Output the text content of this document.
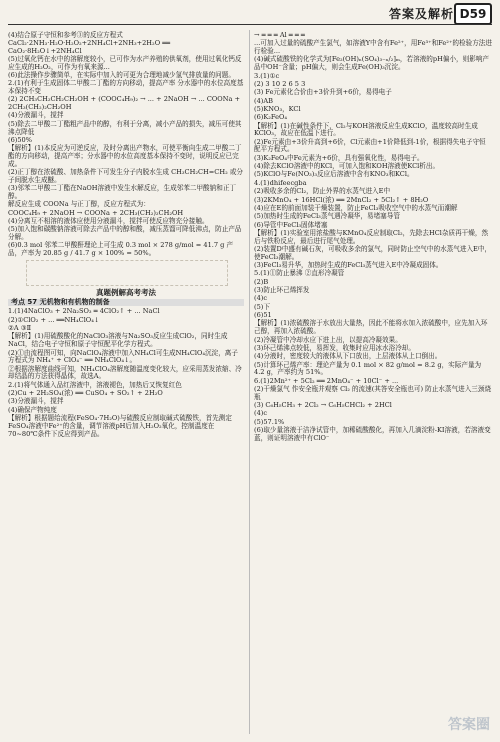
答案及解析 D59

(4)结合原子守恒和参考③的反应方程式 CaCl₂·2NH₃·H₂O·H₂O₂+2NH₄Cl+2NH₃+2H₂O ══ CaO₂·8H₂O↓+2NH₄Cl

(5)过氧化钙在水中的溶解度较小，已可作为水产养殖的供氧剂，使用过氧化钙反应生成的H₂O₂，可作为有氧来源...

(6)此法操作步骤简单，在实际中加入的可更为合理地减少氢气排放量的问题。

2.(1)有利于生成固体二甲酸二丁酯的方向移动，提高产率 分水器中的水位高度基本保持不变

(2) 2CH₃CH₂CH₂CH₂OH + (COOC₄H₉)₂ → ... + 2NaOH → ... COONa + 2CH₃(CH₂)₂CH₂OH

(4)分液漏斗，搅拌

(5)除去二甲酸二丁酯粗产品中的醇，有利于分离，减小产品的损失，减压可使其沸点降低

(6)50%

【解析】(1)本反应为可逆反应，及时分离出产物水，可使平衡向生成二甲酸二丁酯的方向移动，提高产率；分水器中的水位高度基本保持不变时，说明反应已完成。

(2)正丁醇在浓硫酸、加热条件下可发生分子内脱水生成 CH₃CH₂CH=CH₂ 或分子间脱水生成醚。

(3)邻苯二甲酸二丁酯在NaOH溶液中发生水解反应，生成邻苯二甲酸钠和正丁醇。

解反应生成 COONa 与正丁醇，反应方程式为：

COOC₄H₉ + 2NaOH → COONa + 2CH₃(CH₂)₂CH₂OH

(4)分离互不相溶的液体应使用分液漏斗，搅拌可使反应物充分接触。

(5)加入饱和碳酸钠溶液可除去产品中的醇和酸，减压蒸馏可降低沸点，防止产品分解。

(6)0.3 mol 邻苯二甲酸酐理论上可生成 0.3 mol × 278 g/mol = 41.7 g 产品，产率为 20.85 g / 41.7 g × 100% = 50%。

真题例解高考考法

考点 57 无机物和有机物的制备

1.(1)4NaClO₃ + 2Na₂SO₃ ═ 4ClO₂↑ + ... NaCl

(2)①ClO₂ + ... ══NH₄ClO₄↓

②A ③Ⅱ

【解析】(1)用硫酸酸化的NaClO₃溶液与Na₂SO₃反应生成ClO₂，同时生成NaCl，结合电子守恒和原子守恒配平化学方程式。

(2)①由流程图可知，向NaClO₄溶液中加入NH₄Cl可生成NH₄ClO₄沉淀，离子方程式为 NH₄⁺ + ClO₄⁻ ══ NH₄ClO₄↓。

②根据溶解度曲线可知，NH₄ClO₄溶解度随温度变化较大，应采用蒸发浓缩、冷却结晶的方法获得晶体，故选A。

2.(1)将气体通入品红溶液中，溶液褪色，加热后又恢复红色

(2)Cu + 2H₂SO₄(浓) ══ CuSO₄ + SO₂↑ + 2H₂O

(3)分液漏斗，搅拌

(4)确保产物纯度

【解析】根据题给流程(FeSO₄·7H₂O)与硫酸反应制取碱式硫酸铁，首先测定FeSO₄溶液中Fe²⁺的含量，调节溶液pH后加入H₂O₂氧化，控制温度在70~80℃条件下反应得到产品。

→ ═ ═ ═ Al ═ ═ ═

...可加入过量的硫酸产生氯气，如溶液Y中含有Fe²⁺，用Fe³⁺和Fe²⁺的检验方法进行检验...

(4)碱式硫酸铁的化学式为[Fe₂(OH)ₙ(SO₄)₃₋ₙ/₂]ₘ，若溶液的pH偏小，则影响产品中OH⁻含量；pH偏大，则会生成Fe(OH)₃沉淀。

3.(1)①c

(2) 3 10 2 6 5 3

(3) Fe元素化合价由+3价升到+6价，易得电子

(4)AB

(5)KNO₃，KCl

(6)K₂FeO₄

【解析】(1)在碱性条件下，Cl₂与KOH溶液反应生成KClO，温度较高时生成KClO₃，故应在低温下进行。

(2)Fe元素由+3价升高到+6价，Cl元素由+1价降低到-1价，根据得失电子守恒配平方程式。

(3)K₂FeO₄中Fe元素为+6价，具有强氧化性，易得电子。

(4)除去KClO溶液中的KCl，可加入饱和KOH溶液使KCl析出。

(5)KClO与Fe(NO₃)₃反应后溶液中含有KNO₃和KCl。

4.(1)dhifeecgba

(2)吸收多余的Cl₂，防止外界的水蒸气进入E中

(3)2KMnO₄ + 16HCl(浓) ══ 2MnCl₂ + 5Cl₂↑ + 8H₂O

(4)应在E的前面加装干燥装置，防止FeCl₃吸收空气中的水蒸气而潮解

(5)加热时生成的FeCl₃蒸气遇冷凝华，易堵塞导管

(6)导管中FeCl₃固体堵塞

【解析】(1)实验室用浓盐酸与KMnO₄反应制取Cl₂，先除去HCl杂质再干燥，然后与铁粉反应，最后进行尾气处理。

(2)装置D中盛有碱石灰，可吸收多余的氯气，同时防止空气中的水蒸气进入E中，使FeCl₃潮解。

(3)FeCl₃易升华，加热时生成的FeCl₃蒸气进入E中冷凝成固体。

5.(1)①防止暴沸 ②直形冷凝管

(2)B

(3)防止环己烯挥发

(4)c

(5)下

(6)51

【解析】(1)浓硫酸溶于水放出大量热，因此不能将水加入浓硫酸中，应先加入环己醇，再加入浓硫酸。

(2)冷凝管中冷却水应下进上出，以提高冷凝效果。

(3)环己烯沸点较低，易挥发，收集时应用冰水浴冷却。

(4)分液时，密度较大的液体从下口放出，上层液体从上口倒出。

(5)计算环己烯产率：理论产量为 0.1 mol × 82 g/mol = 8.2 g，实际产量为 4.2 g，产率约为 51%。

6.(1)2Mn²⁺ + 5Cl₂ ══ 2MnO₄⁻ + 10Cl⁻ + ...

(2)干燥氯气 作安全瓶并观察 Cl₂ 的流速(其答安全瓶也可) 防止水蒸气进入三颈烧瓶

(3) C₆H₅CH₃ + 2Cl₂ → C₆H₅CHCl₂ + 2HCl

(4)c

(5)57.1%

(6)取少量溶液于洁净试管中，加稀硫酸酸化，再加入几滴淀粉-KI溶液，若溶液变蓝，则证明溶液中有ClO⁻

答案圈
